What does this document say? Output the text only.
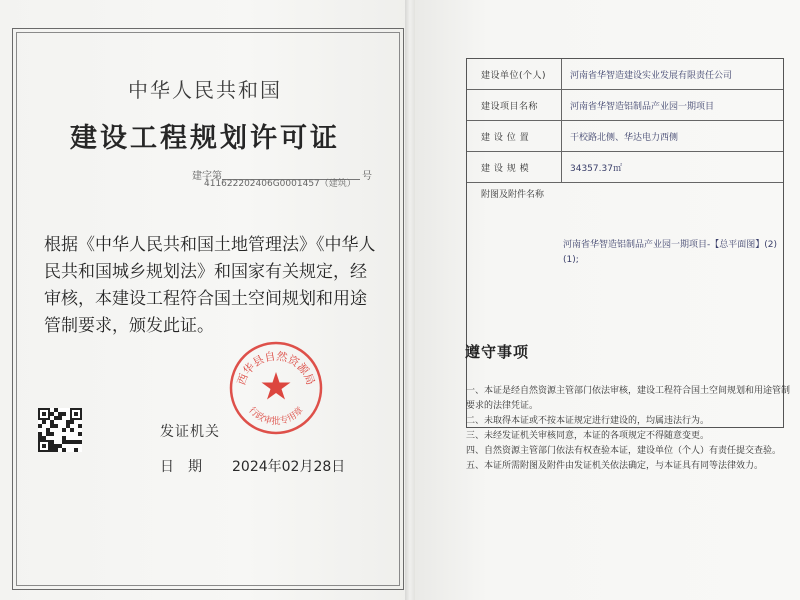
中华人民共和国
建设工程规划许可证
建字第
411622202406G0001457（建筑）
号
根据《中华人民共和国土地管理法》《中华人民共和国城乡规划法》和国家有关规定，经审核，本建设工程符合国土空间规划和用途管制要求，颁发此证。
西华县自然资源局
行政审批专用章
发证机关
日期 2024年02月28日
建设单位(个人)	河南省华智造建设实业发展有限责任公司
建设项目名称	河南省华智造铝制品产业园一期项目
建 设 位 置	干校路北侧、华达电力西侧
建 设 规 模	34357.37㎡
附图及附件名称
河南省华智造铝制品产业园一期项目-【总平面图】(2)(1);
遵守事项
一、本证是经自然资源主管部门依法审核，建设工程符合国土空间规划和用途管制要求的法律凭证。
二、未取得本证或不按本证规定进行建设的，均属违法行为。
三、未经发证机关审核同意，本证的各项规定不得随意变更。
四、自然资源主管部门依法有权查验本证，建设单位（个人）有责任提交查验。
五、本证所需附图及附件由发证机关依法确定，与本证具有同等法律效力。
